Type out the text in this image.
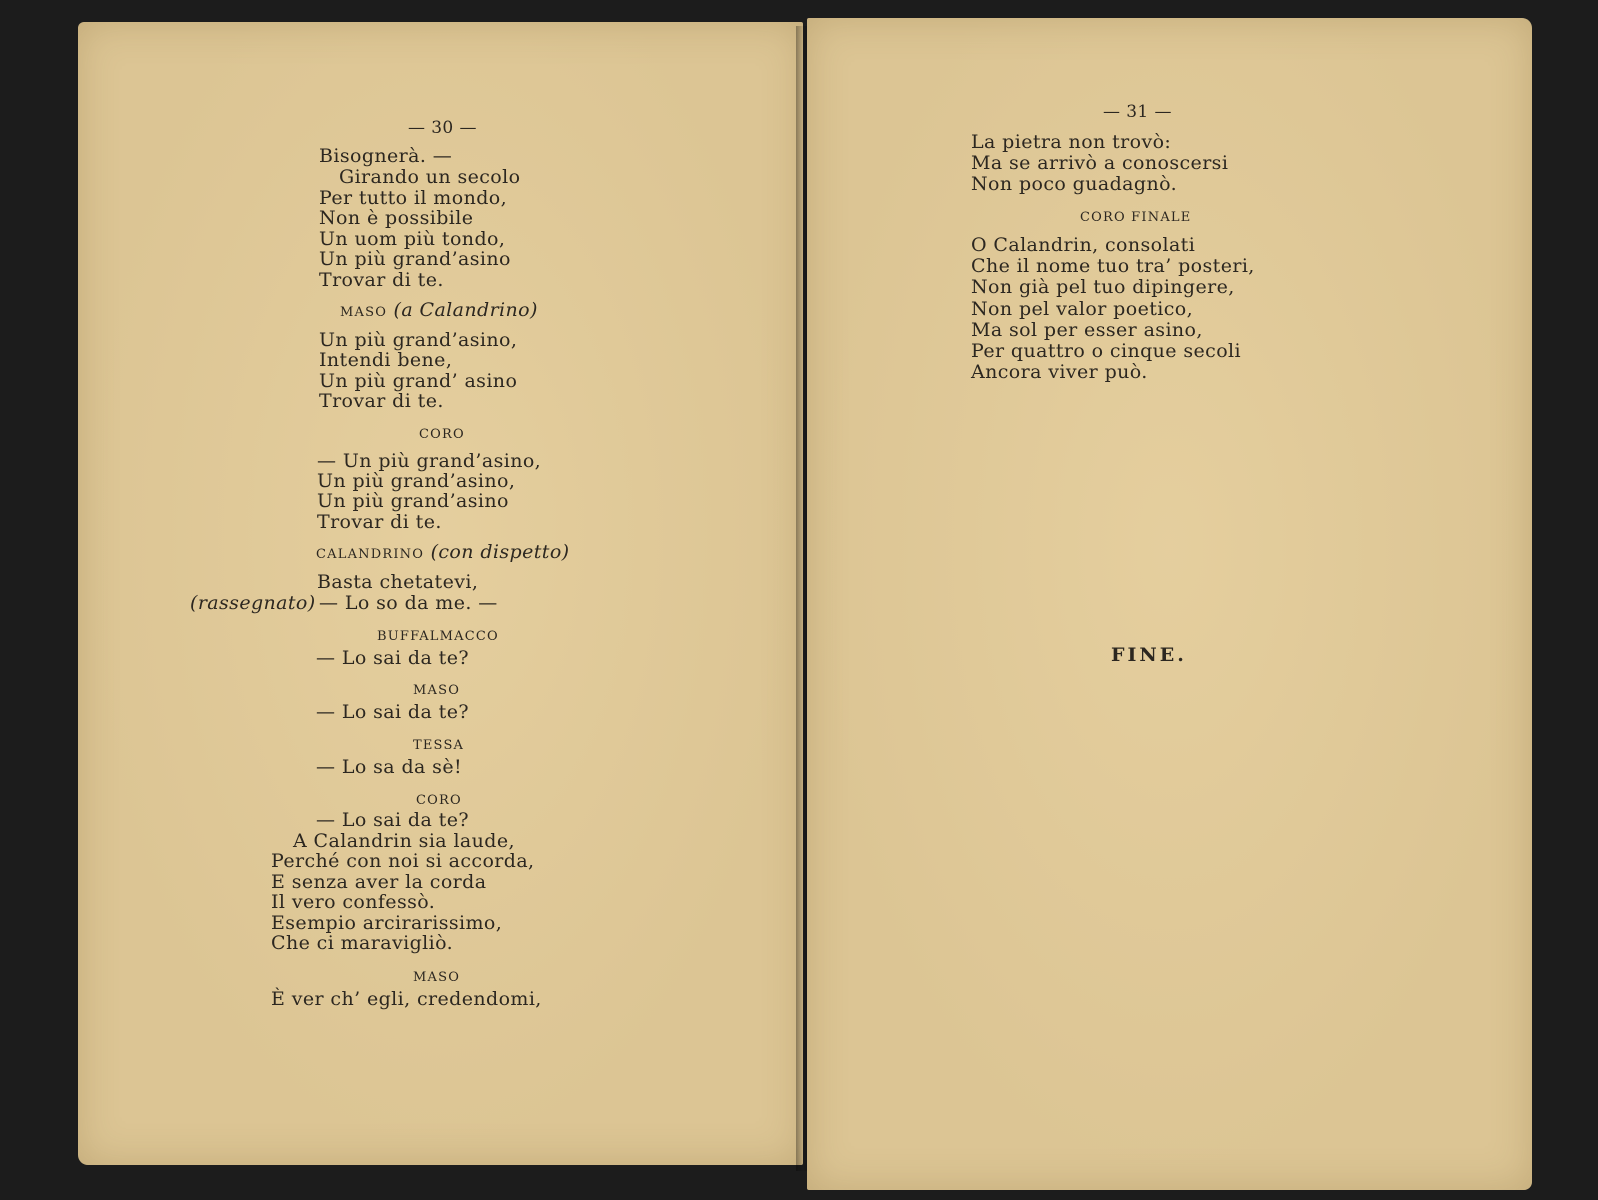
— 30 —
Bisognerà. —
Girando un secolo
Per tutto il mondo,
Non è possibile
Un uom più tondo,
Un più grand’asino
Trovar di te.
MASO (a Calandrino)
Un più grand’asino,
Intendi bene,
Un più grand’ asino
Trovar di te.
CORO
— Un più grand’asino,
Un più grand’asino,
Un più grand’asino
Trovar di te.
CALANDRINO (con dispetto)
Basta chetatevi,
(rassegnato) — Lo so da me. —
BUFFALMACCO
— Lo sai da te?
MASO
— Lo sai da te?
TESSA
— Lo sa da sè!
CORO
— Lo sai da te?
A Calandrin sia laude,
Perché con noi si accorda,
E senza aver la corda
Il vero confessò.
Esempio arcirarissimo,
Che ci maravigliò.
MASO
È ver ch’ egli, credendomi,
— 31 —
La pietra non trovò:
Ma se arrivò a conoscersi
Non poco guadagnò.
CORO FINALE
O Calandrin, consolati
Che il nome tuo tra’ posteri,
Non già pel tuo dipingere,
Non pel valor poetico,
Ma sol per esser asino,
Per quattro o cinque secoli
Ancora viver può.
FINE.
